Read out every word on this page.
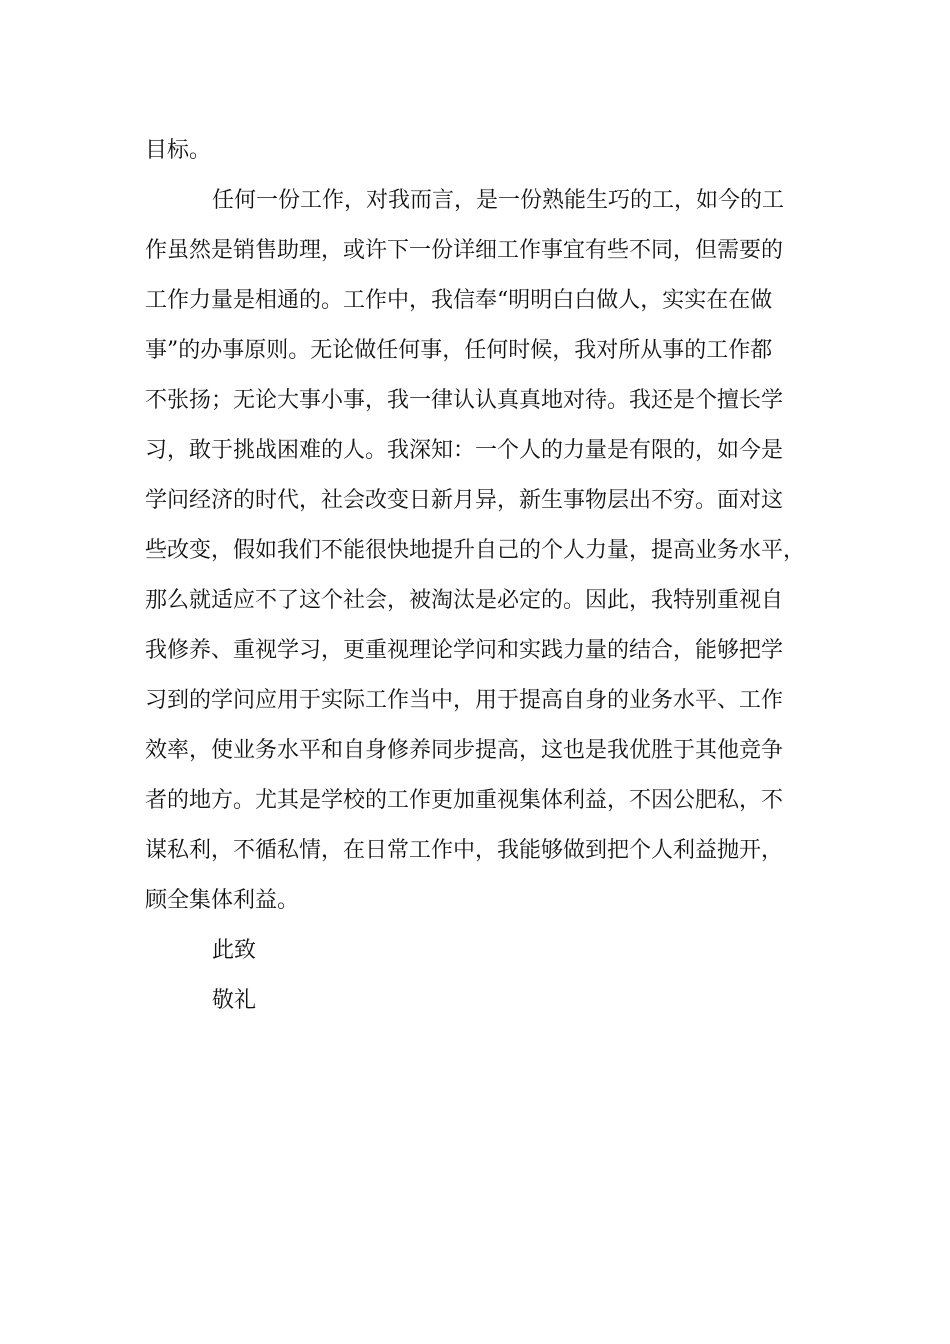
目标。
任何一份工作，对我而言，是一份熟能生巧的工，如今的工
作虽然是销售助理，或许下一份详细工作事宜有些不同，但需要的
工作力量是相通的。工作中，我信奉“明明白白做人，实实在在做
事”的办事原则。无论做任何事，任何时候，我对所从事的工作都
不张扬；无论大事小事，我一律认认真真地对待。我还是个擅长学
习，敢于挑战困难的人。我深知：一个人的力量是有限的，如今是
学问经济的时代，社会改变日新月异，新生事物层出不穷。面对这
些改变，假如我们不能很快地提升自己的个人力量，提高业务水平，
那么就适应不了这个社会，被淘汰是必定的。因此，我特别重视自
我修养、重视学习，更重视理论学问和实践力量的结合，能够把学
习到的学问应用于实际工作当中，用于提高自身的业务水平、工作
效率，使业务水平和自身修养同步提高，这也是我优胜于其他竞争
者的地方。尤其是学校的工作更加重视集体利益，不因公肥私，不
谋私利，不循私情，在日常工作中，我能够做到把个人利益抛开，
顾全集体利益。
此致
敬礼
